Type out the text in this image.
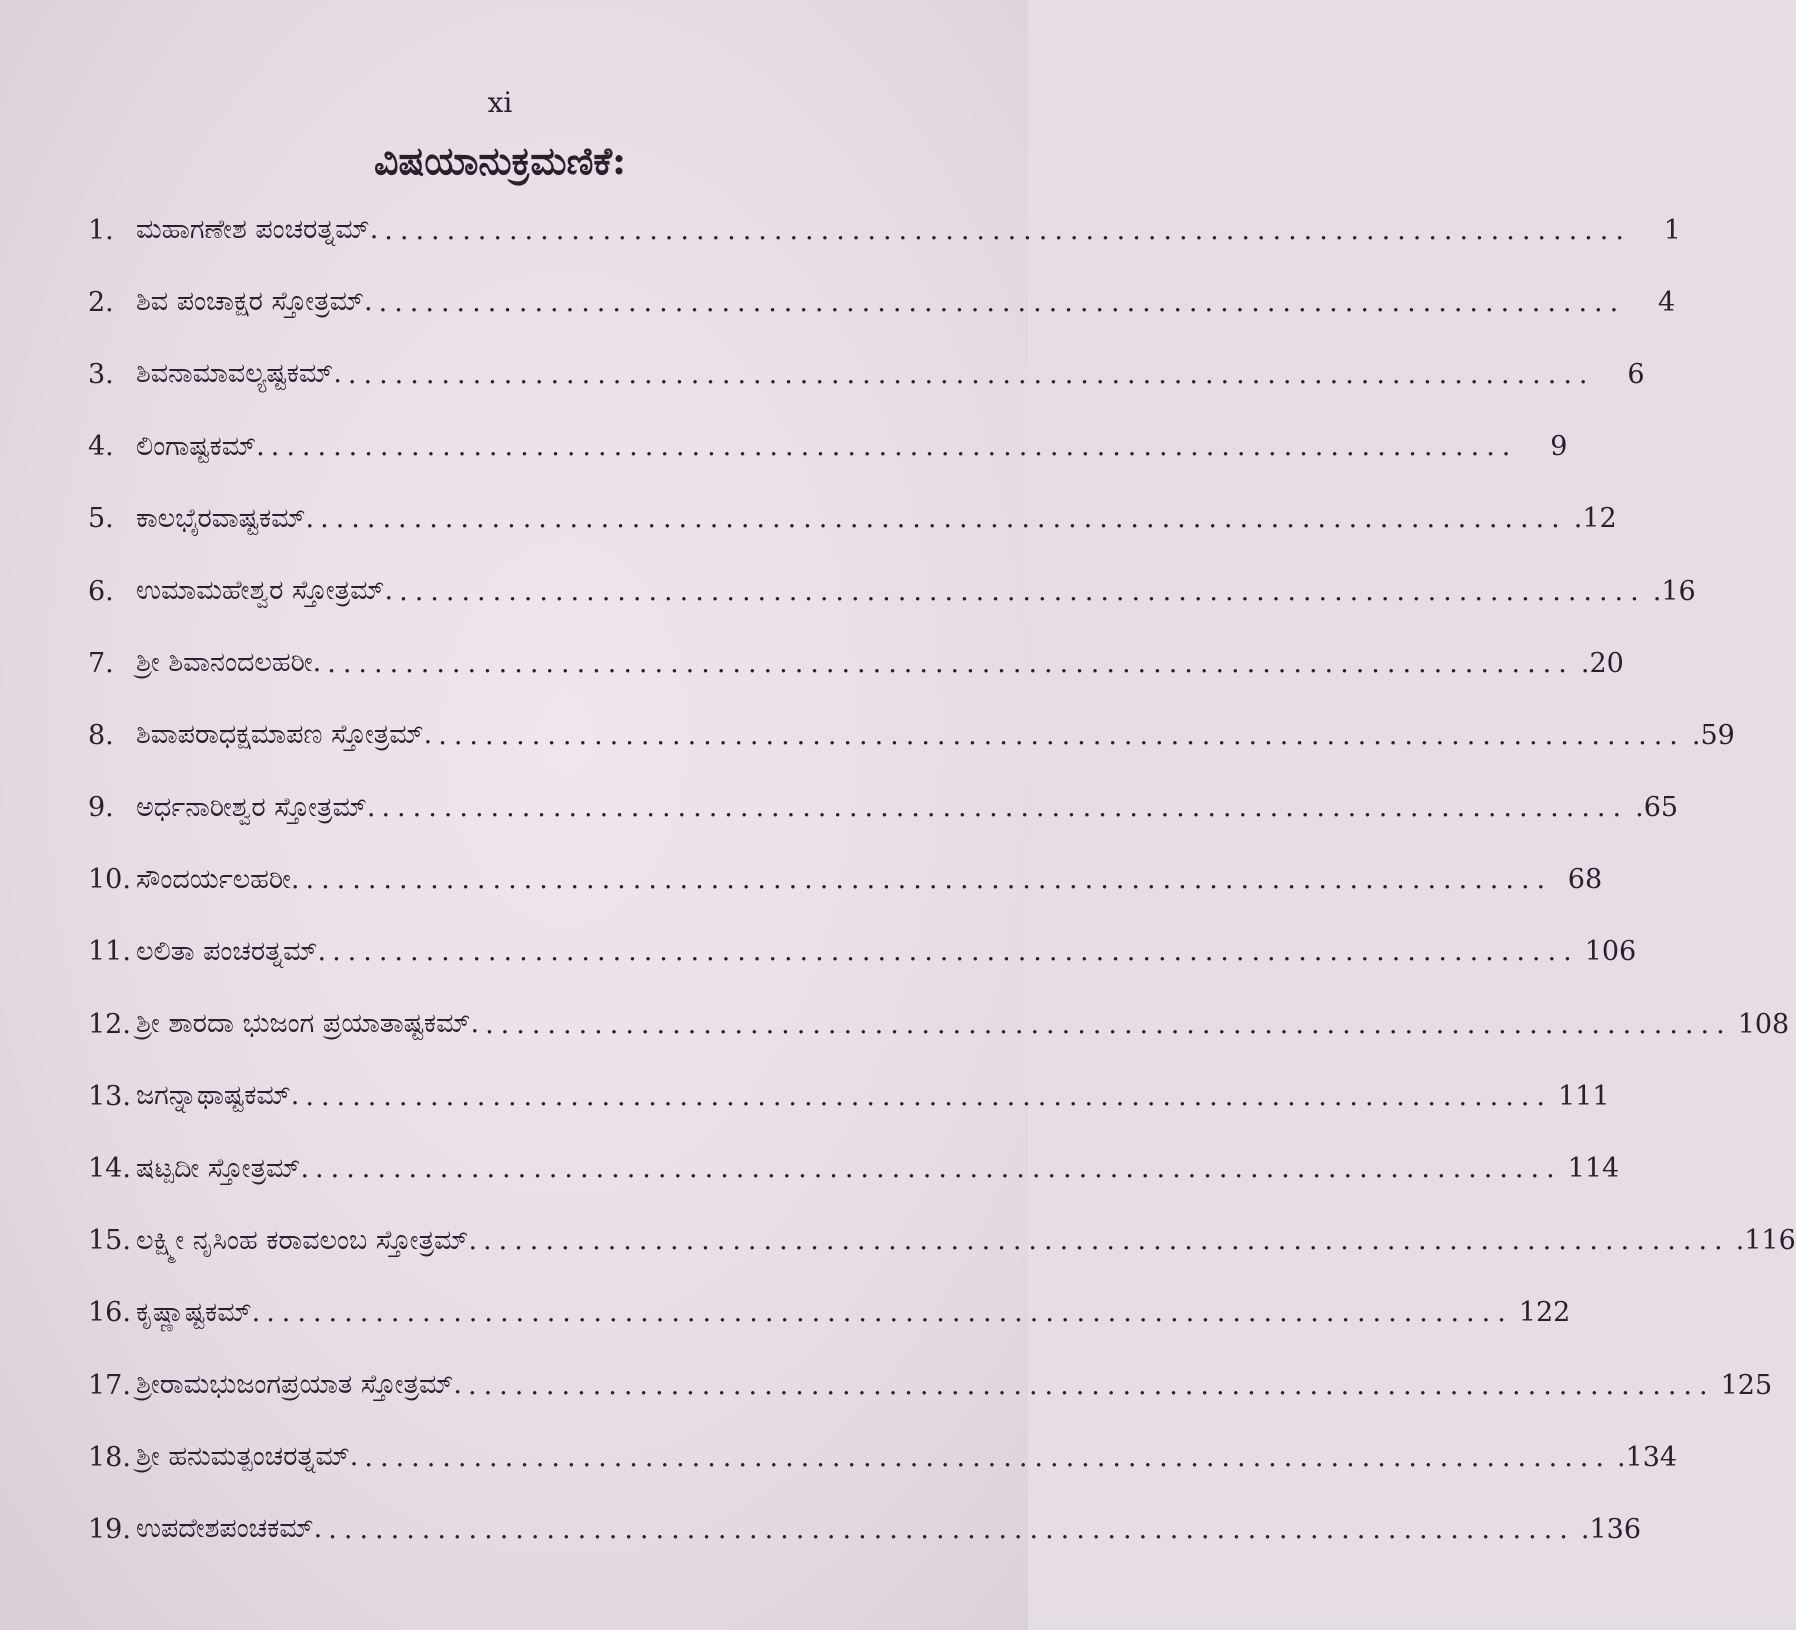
xi
ವಿಷಯಾನುಕ್ರಮಣಿಕೆ:
1. ಮಹಾಗಣೇಶ ಪಂಚರತ್ನಮ್. ................................................................................	1
2. ಶಿವ ಪಂಚಾಕ್ಷರ ಸ್ತೋತ್ರಮ್. ................................................................................	4
3. ಶಿವನಾಮಾವಲ್ಯಷ್ಟಕಮ್. ................................................................................	6
4. ಲಿಂಗಾಷ್ಟಕಮ್. ................................................................................	9
5. ಕಾಲಭೈರವಾಷ್ಟಕಮ್. ................................................................................ .12
6. ಉಮಾಮಹೇಶ್ವರ ಸ್ತೋತ್ರಮ್. ................................................................................ .16
7. ಶ್ರೀ ಶಿವಾನಂದಲಹರೀ. ................................................................................ .20
8. ಶಿವಾಪರಾಧಕ್ಷಮಾಪಣ ಸ್ತೋತ್ರಮ್. ................................................................................ .59
9. ಅರ್ಧನಾರೀಶ್ವರ ಸ್ತೋತ್ರಮ್. ................................................................................ .65
10. ಸೌಂದರ್ಯಲಹರೀ. ................................................................................ 68
11. ಲಲಿತಾ ಪಂಚರತ್ನಮ್. ................................................................................ 106
12. ಶ್ರೀ ಶಾರದಾ ಭುಜಂಗ ಪ್ರಯಾತಾಷ್ಟಕಮ್. ................................................................................ 108
13. ಜಗನ್ನಾಥಾಷ್ಟಕಮ್. ................................................................................ 111
14. ಷಟ್ಪದೀ ಸ್ತೋತ್ರಮ್. ................................................................................ 114
15. ಲಕ್ಷ್ಮೀ ನೃಸಿಂಹ ಕರಾವಲಂಬ ಸ್ತೋತ್ರಮ್. ................................................................................ .116
16. ಕೃಷ್ಣಾಷ್ಟಕಮ್. ................................................................................ 122
17. ಶ್ರೀರಾಮಭುಜಂಗಪ್ರಯಾತ ಸ್ತೋತ್ರಮ್. ................................................................................ 125
18. ಶ್ರೀ ಹನುಮತ್ಪಂಚರತ್ನಮ್. ................................................................................ .134
19. ಉಪದೇಶಪಂಚಕಮ್. ................................................................................ .136
